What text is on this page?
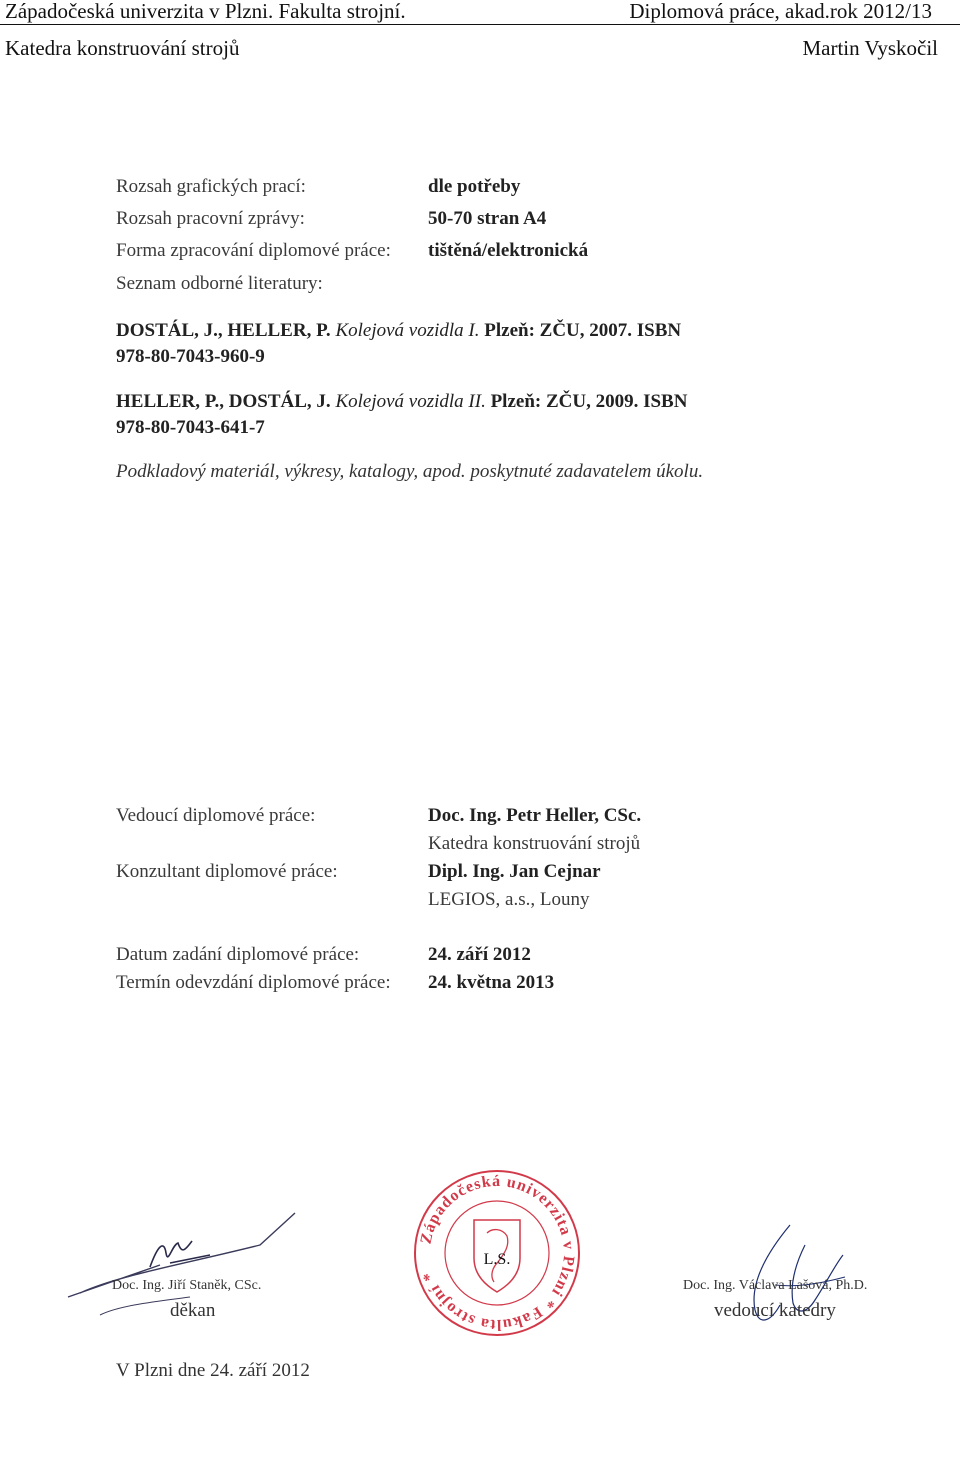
Západočeská univerzita v Plzni. Fakulta strojní.	Diplomová práce, akad.rok 2012/13
Katedra konstruování strojů	Martin Vyskočil
Rozsah grafických prací:	dle potřeby
Rozsah pracovní zprávy:	50-70 stran A4
Forma zpracování diplomové práce: tištěná/elektronická
Seznam odborné literatury:
DOSTÁL, J., HELLER, P. Kolejová vozidla I. Plzeň: ZČU, 2007. ISBN
978-80-7043-960-9
HELLER, P., DOSTÁL, J. Kolejová vozidla II. Plzeň: ZČU, 2009. ISBN
978-80-7043-641-7
Podkladový materiál, výkresy, katalogy, apod. poskytnuté zadavatelem úkolu.
Vedoucí diplomové práce:	Doc. Ing. Petr Heller, CSc.
Katedra konstruování strojů
Konzultant diplomové práce:	Dipl. Ing. Jan Cejnar
LEGIOS, a.s., Louny
Datum zadání diplomové práce:	24. září 2012
Termín odevzdání diplomové práce: 24. května 2013
Doc. Ing. Jiří Staněk, CSc.
děkan
Západočeská univerzita v Plzni * Fakulta strojní *
L.S.
Doc. Ing. Václava Lašová, Ph.D.
vedoucí katedry
V Plzni dne 24. září 2012
